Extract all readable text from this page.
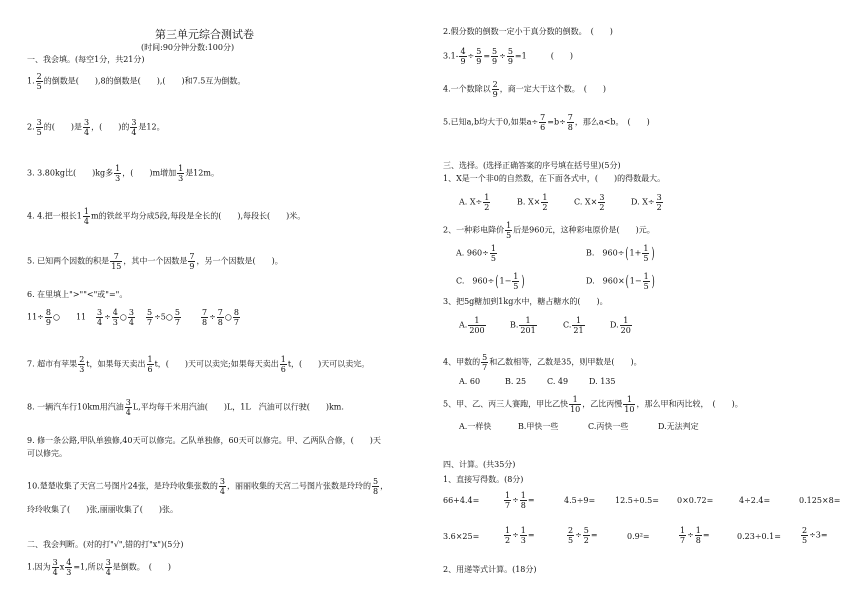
第三单元综合测试卷
(时间:90分钟分数:100分)
一、我会填。(每空1分，共21分)
1. $\frac{2}{5}$ 的倒数是(　　),8的倒数是(　　),(　　)和7.5互为倒数。
2. $\frac{3}{5}$ 的(　　)是 $\frac{3}{4}$ ，(　　)的 $\frac{3}{4}$ 是12。
3. 3.80kg比(　　)kg多 $\frac{1}{3}$ ，(　　)m增加 $\frac{1}{3}$ 是12m。
4. 4.把一根长$1 \frac{1}{4}$ m的铁丝平均分成5段,每段是全长的(　　),每段长(　　)米。
5. 已知两个因数的积是 $\frac{7}{15}$ ，其中一个因数是 $\frac{7}{9}$ ，另一个因数是(　　)。
6. 在里填上">""<"或"="。
$11\div \frac{8}{9}$ ○　　$11 \frac{3}{4} \div \frac{4}{3}$ ○ $\frac{3}{4} \frac{5}{7}$ ÷5○ $\frac{5}{7}$	$\frac{7}{8} \div \frac{7}{8}$ ○ $\frac{8}{7}$
7. 超市有苹果 $\frac{2}{3}$ t，如果每天卖出 $\frac{1}{6}$ t，(　　)天可以卖完;如果每天卖出 $\frac{1}{6}$ t，(　　)天可以卖完。
8. 一辆汽车行10km用汽油 $\frac{3}{4} L$,平均每千米用汽油(　　)L，1L　汽油可以行驶(　　)km.
9. 修一条公路,甲队单独修,40天可以修完。乙队单独修，60天可以修完。甲、乙两队合修，(　　)天
可以修完。
10.楚楚收集了天宫二号图片24张，是玲玲收集张数的 $\frac{3}{4}$ ，丽丽收集的天宫二号图片张数是玲玲的 $\frac{5}{8}$ ，
玲玲收集了(　　)张,丽丽收集了(　　)张。
二、我会判断。(对的打"√",错的打"x")(5分)
1.因为 $\frac{3}{4}$ x $\frac{4}{3} =1$,所以 $\frac{3}{4}$ 是倒数。　(　　)
2.假分数的倒数一定小于真分数的倒数。　(　　)
$3.1- \frac{4}{9} \div \frac{5}{9} = \frac{5}{9} \div \frac{5}{9} =1$　　　(　　)
4.一个数除以 $\frac{2}{9}$ ，商一定大于这个数。　(　　)
5.已知a,b均大于0,如果$a\div \frac{7}{6} =b\div \frac{7}{8}$ ，那么a<b。　(　　)
三、选择。(选择正确答案的序号填在括号里)(5分)
1、X是一个非0的自然数，在下面各式中，(　　)的得数最大。
A. $X\div \frac{1}{2}$	B. $X\times \frac{1}{2}$	C. $X\times \frac{3}{2}$	D. $X\div \frac{3}{2}$
2、一种彩电降价 $\frac{1}{5}$ 后是960元，这种彩电原价是(　　)元。
A. $960\div \frac{1}{5}$	B.　$960\div(1+ \frac{1}{5}$ )
C.　$960\div(1- \frac{1}{5}$ )	D.　$960\times(1- \frac{1}{5}$ )
3、把5g糖加到1kg水中，糖占糖水的(　　)。
A. $\frac{1}{200}$	B. $\frac{1}{201}$	C. $\frac{1}{21}$	D. $\frac{1}{20}$
4、甲数的 $\frac{5}{7}$ 和乙数相等，乙数是35，则甲数是(　　)。
A. 60	B. 25	C. 49	D. 135
5、甲、乙、丙三人赛跑，甲比乙快 $\frac{1}{10}$ ，乙比丙慢 $\frac{1}{10}$ ，那么甲和丙比较，　(　　)。
A.一样快	B.甲快一些	C.丙快一些	D.无法判定
四、计算。(共35分)
1、直接写得数。(8分)
66+4.4=	$\frac{1}{7} \div \frac{1}{8}$ =	4.5÷9= 12.5÷0.5= 0×0.72=	4÷2.4=	0.125×8=
3.6×25=	$\frac{1}{2} \div \frac{1}{3}$ =	$\frac{2}{5} \div \frac{5}{2}$ =	0.9²=	$\frac{1}{7} \div \frac{1}{8}$ =	0.23÷0.1=	$\frac{2}{5} \div 3=$
2、用递等式计算。(18分)
